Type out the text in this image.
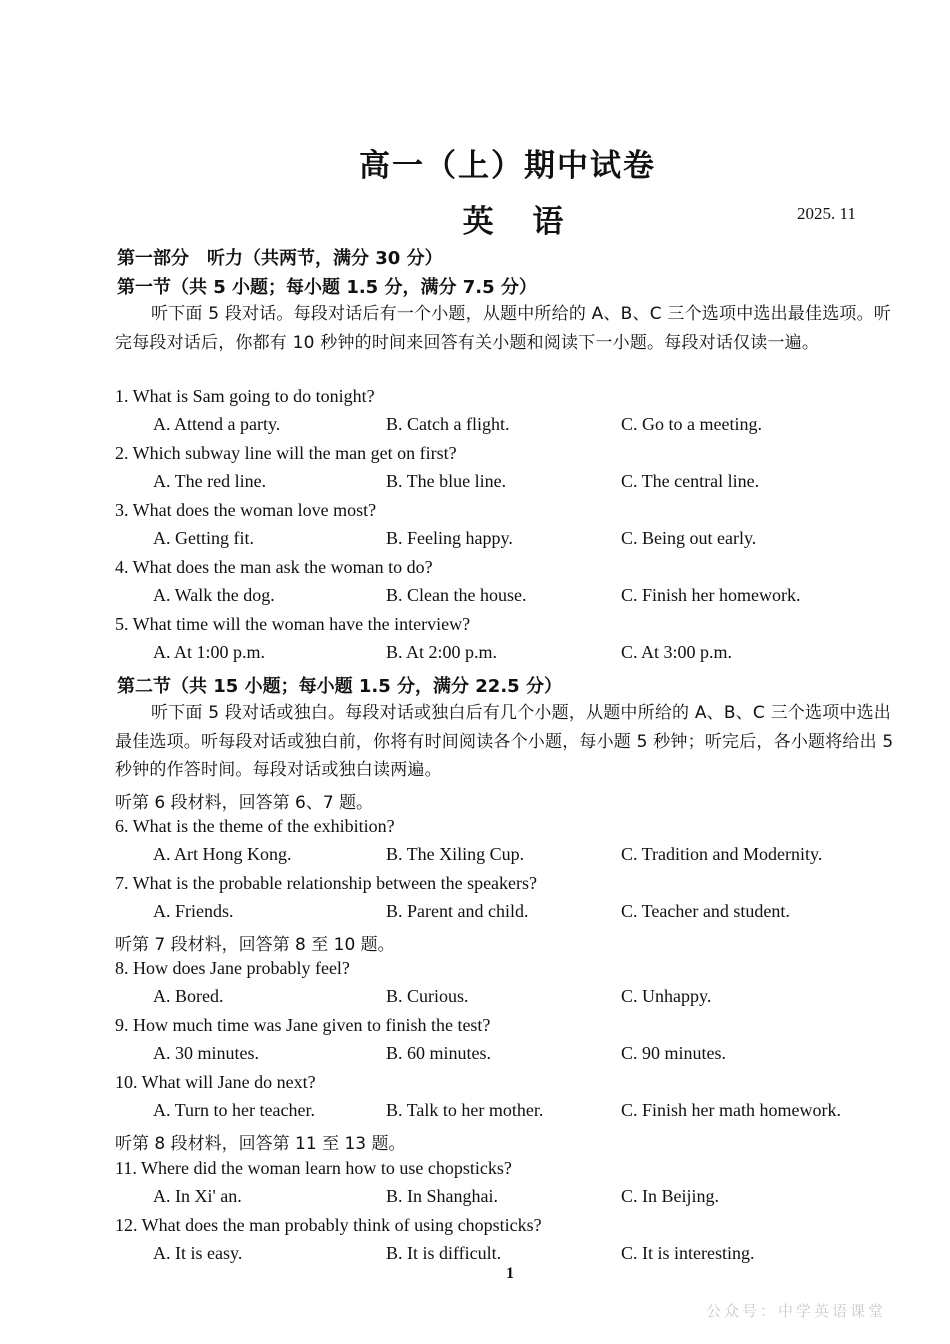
高一（上）期中试卷
英 语	2025. 11
第一部分　听力（共两节，满分 30 分）
第一节（共 5 小题；每小题 1.5 分，满分 7.5 分）
听下面 5 段对话。每段对话后有一个小题，从题中所给的 A、B、C 三个选项中选出最佳选项。听完每段对话后，你都有 10 秒钟的时间来回答有关小题和阅读下一小题。每段对话仅读一遍。
1. What is Sam going to do tonight?
A. Attend a party.	B. Catch a flight.	C. Go to a meeting.
2. Which subway line will the man get on first?
A. The red line.	B. The blue line.	C. The central line.
3. What does the woman love most?
A. Getting fit.	B. Feeling happy.	C. Being out early.
4. What does the man ask the woman to do?
A. Walk the dog.	B. Clean the house.	C. Finish her homework.
5. What time will the woman have the interview?
A. At 1:00 p.m.	B. At 2:00 p.m.	C. At 3:00 p.m.
第二节（共 15 小题；每小题 1.5 分，满分 22.5 分）
听下面 5 段对话或独白。每段对话或独白后有几个小题，从题中所给的 A、B、C 三个选项中选出最佳选项。听每段对话或独白前，你将有时间阅读各个小题，每小题 5 秒钟；听完后，各小题将给出 5 秒钟的作答时间。每段对话或独白读两遍。
听第 6 段材料，回答第 6、7 题。
6. What is the theme of the exhibition?
A. Art Hong Kong.	B. The Xiling Cup.	C. Tradition and Modernity.
7. What is the probable relationship between the speakers?
A. Friends.	B. Parent and child.	C. Teacher and student.
听第 7 段材料，回答第 8 至 10 题。
8. How does Jane probably feel?
A. Bored.	B. Curious.	C. Unhappy.
9. How much time was Jane given to finish the test?
A. 30 minutes.	B. 60 minutes.	C. 90 minutes.
10. What will Jane do next?
A. Turn to her teacher.	B. Talk to her mother.	C. Finish her math homework.
听第 8 段材料，回答第 11 至 13 题。
11. Where did the woman learn how to use chopsticks?
A. In Xi' an.	B. In Shanghai.	C. In Beijing.
12. What does the man probably think of using chopsticks?
A. It is easy.	B. It is difficult.	C. It is interesting.
1
公众号：中学英语课堂
